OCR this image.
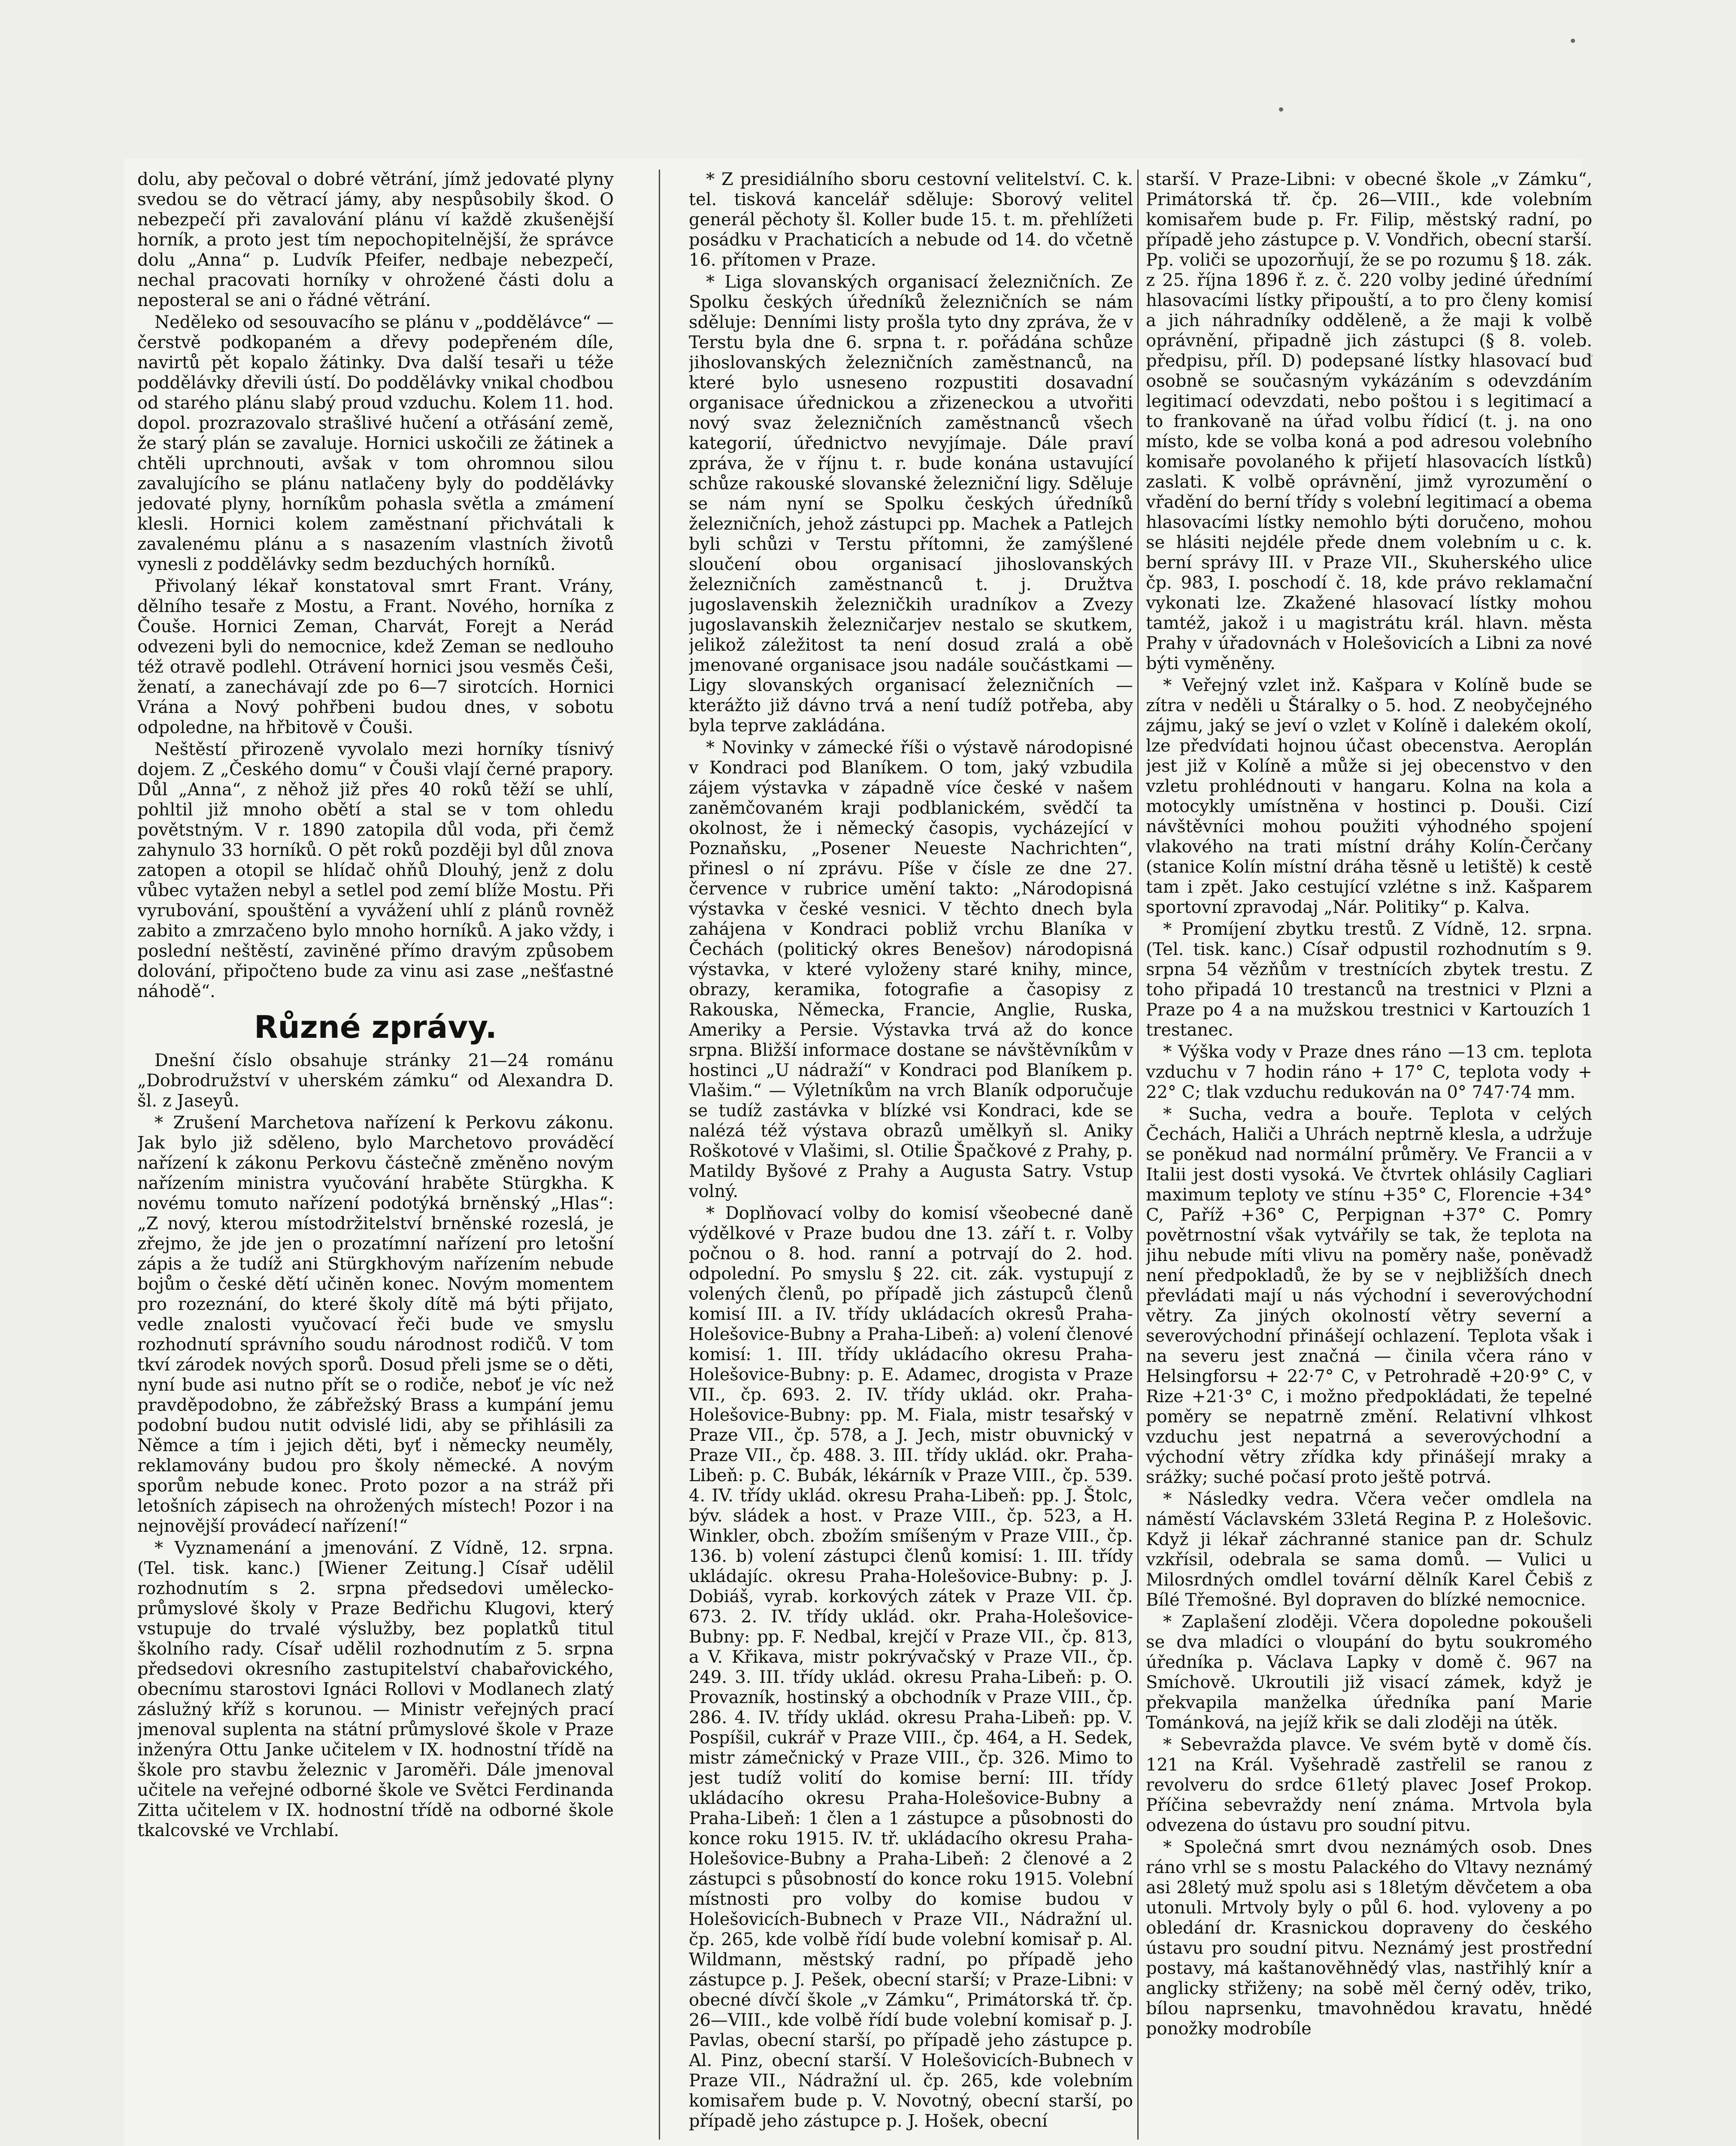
dolu, aby pečoval o dobré větrání, jímž jedovaté plyny svedou se do větrací jámy, aby nespůsobily škod. O nebezpečí při zavalování plánu ví každě zkušenější horník, a proto jest tím nepochopitelnější, že správce dolu „Anna“ p. Ludvík Pfeifer, nedbaje nebezpečí, nechal pracovati horníky v ohrožené části dolu a neposteral se ani o řádné větrání.

Neděleko od sesouvacího se plánu v „poddělávce“ — čerstvě podkopaném a dřevy podepřeném díle, navirtů pět kopalo žátinky. Dva další tesaři u téže poddělávky dřevili ústí. Do poddělávky vnikal chodbou od starého plánu slabý proud vzduchu. Kolem 11. hod. dopol. prozrazovalo strašlivé hučení a otřásání země, že starý plán se zavaluje. Hornici uskočili ze žátinek a chtěli uprchnouti, avšak v tom ohromnou silou zavalujícího se plánu natlačeny byly do poddělávky jedovaté plyny, horníkům pohasla světla a zmámení klesli. Hornici kolem zaměstnaní přichvátali k zavalenému plánu a s nasazením vlastních životů vynesli z poddělávky sedm bezduchých horníků.

Přivolaný lékař konstatoval smrt Frant. Vrány, dělního tesaře z Mostu, a Frant. Nového, horníka z Čouše. Hornici Zeman, Charvát, Forejt a Nerád odvezeni byli do nemocnice, kdež Zeman se nedlouho též otravě podlehl. Otrávení hornici jsou vesměs Češi, ženatí, a zanechávají zde po 6—7 sirotcích. Hornici Vrána a Nový pohřbeni budou dnes, v sobotu odpoledne, na hřbitově v Čouši.

Neštěstí přirozeně vyvolalo mezi horníky tísnivý dojem. Z „Českého domu“ v Čouši vlají černé prapory. Důl „Anna“, z něhož již přes 40 roků těží se uhlí, pohltil již mnoho obětí a stal se v tom ohledu povětstným. V r. 1890 zatopila důl voda, při čemž zahynulo 33 horníků. O pět roků později byl důl znova zatopen a otopil se hlídač ohňů Dlouhý, jenž z dolu vůbec vytažen nebyl a setlel pod zemí blíže Mostu. Při vyrubování, spouštění a vyvážení uhlí z plánů rovněž zabito a zmrzačeno bylo mnoho horníků. A jako vždy, i poslední neštěstí, zaviněné přímo dravým způsobem dolování, připočteno bude za vinu asi zase „nešťastné náhodě“.

Různé zprávy.

Dnešní číslo obsahuje stránky 21—24 románu „Dobrodružství v uherském zámku“ od Alexandra D. šl. z Jaseyů.

* Zrušení Marchetova nařízení k Perkovu zákonu. Jak bylo již sděleno, bylo Marchetovo prováděcí nařízení k zákonu Perkovu částečně změněno novým nařízením ministra vyučování hraběte Stürgkha. K novému tomuto nařízení podotýká brněnský „Hlas“: „Z nový, kterou místodržitelství brněnské rozeslá, je zřejmo, že jde jen o prozatímní nařízení pro letošní zápis a že tudíž ani Stürgkhovým nařízením nebude bojům o české dětí učiněn konec. Novým momentem pro rozeznání, do které školy dítě má býti přijato, vedle znalosti vyučovací řeči bude ve smyslu rozhodnutí správního soudu národnost rodičů. V tom tkví zárodek nových sporů. Dosud přeli jsme se o děti, nyní bude asi nutno přít se o rodiče, neboť je víc než pravděpodobno, že zábřežský Brass a kumpání jemu podobní budou nutit odvislé lidi, aby se přihlásili za Němce a tím i jejich děti, byť i německy neuměly, reklamovány budou pro školy německé. A novým sporům nebude konec. Proto pozor a na stráž při letošních zápisech na ohrožených místech! Pozor i na nejnovější provádecí nařízení!“

* Vyznamenání a jmenování. Z Vídně, 12. srpna. (Tel. tisk. kanc.) [Wiener Zeitung.] Císař udělil rozhodnutím s 2. srpna předsedovi umělecko-průmyslové školy v Praze Bedřichu Klugovi, který vstupuje do trvalé výslužby, bez poplatků titul školního rady. Císař udělil rozhodnutím z 5. srpna předsedovi okresního zastupitelství chabařovického, obecnímu starostovi Ignáci Rollovi v Modlanech zlatý záslužný kříž s korunou. — Ministr veřejných prací jmenoval suplenta na státní průmyslové škole v Praze inženýra Ottu Janke učitelem v IX. hodnostní třídě na škole pro stavbu železnic v Jaroměři. Dále jmenoval učitele na veřejné odborné škole ve Světci Ferdinanda Zitta učitelem v IX. hodnostní třídě na odborné škole tkalcovské ve Vrchlabí.

* Z presidiálního sboru cestovní velitelství. C. k. tel. tisková kancelář sděluje: Sborový velitel generál pěchoty šl. Koller bude 15. t. m. přehlížeti posádku v Prachaticích a nebude od 14. do včetně 16. přítomen v Praze.

* Liga slovanských organisací železničních. Ze Spolku českých úředníků železničních se nám sděluje: Denními listy prošla tyto dny zpráva, že v Terstu byla dne 6. srpna t. r. pořádána schůze jihoslovanských železničních zaměstnanců, na které bylo usneseno rozpustiti dosavadní organisace úřednickou a zřizeneckou a utvořiti nový svaz železničních zaměstnanců všech kategorií, úřednictvo nevyjímaje. Dále praví zpráva, že v říjnu t. r. bude konána ustavující schůze rakouské slovanské železniční ligy. Sděluje se nám nyní se Spolku českých úředníků železničních, jehož zástupci pp. Machek a Patlejch byli schůzi v Terstu přítomni, že zamýšlené sloučení obou organisací jihoslovanských železničních zaměstnanců t. j. Družtva jugoslavenskih železničkih uradníkov a Zvezy jugoslavanskih železničarjev nestalo se skutkem, jelikož záležitost ta není dosud zralá a obě jmenované organisace jsou nadále součástkami — Ligy slovanských organisací železničních — kterážto již dávno trvá a není tudíž potřeba, aby byla teprve zakládána.

* Novinky v zámecké říši o výstavě národopisné v Kondraci pod Blaníkem. O tom, jaký vzbudila zájem výstavka v západně více české v našem zaněmčovaném kraji podblanickém, svědčí ta okolnost, že i německý časopis, vycházející v Poznaňsku, „Posener Neueste Nachrichten“, přinesl o ní zprávu. Píše v čísle ze dne 27. července v rubrice umění takto: „Národopisná výstavka v české vesnici. V těchto dnech byla zahájena v Kondraci pobliž vrchu Blaníka v Čechách (politický okres Benešov) národopisná výstavka, v které vyloženy staré knihy, mince, obrazy, keramika, fotografie a časopisy z Rakouska, Německa, Francie, Anglie, Ruska, Ameriky a Persie. Výstavka trvá až do konce srpna. Bližší informace dostane se návštěvníkům v hostinci „U nádraží“ v Kondraci pod Blaníkem p. Vlašim.“ — Výletníkům na vrch Blaník odporučuje se tudíž zastávka v blízké vsi Kondraci, kde se nalézá též výstava obrazů umělkyň sl. Aniky Roškotové v Vlašimi, sl. Otilie Špačkové z Prahy, p. Matildy Byšové z Prahy a Augusta Satry. Vstup volný.

* Doplňovací volby do komisí všeobecné daně výdělkové v Praze budou dne 13. září t. r. Volby počnou o 8. hod. ranní a potrvají do 2. hod. odpolední. Po smyslu § 22. cit. zák. vystupují z volených členů, po případě jich zástupců členů komisí III. a IV. třídy ukládacích okresů Praha-Holešovice-Bubny a Praha-Libeň: a) volení členové komisí: 1. III. třídy ukládacího okresu Praha-Holešovice-Bubny: p. E. Adamec, drogista v Praze VII., čp. 693. 2. IV. třídy uklád. okr. Praha-Holešovice-Bubny: pp. M. Fiala, mistr tesařský v Praze VII., čp. 578, a J. Jech, mistr obuvnický v Praze VII., čp. 488. 3. III. třídy uklád. okr. Praha-Libeň: p. C. Bubák, lékárník v Praze VIII., čp. 539. 4. IV. třídy uklád. okresu Praha-Libeň: pp. J. Štolc, býv. sládek a host. v Praze VIII., čp. 523, a H. Winkler, obch. zbožím smíšeným v Praze VIII., čp. 136. b) volení zástupci členů komisí: 1. III. třídy ukládajíc. okresu Praha-Holešovice-Bubny: p. J. Dobiáš, vyrab. korkových zátek v Praze VII. čp. 673. 2. IV. třídy uklád. okr. Praha-Holešovice-Bubny: pp. F. Nedbal, krejčí v Praze VII., čp. 813, a V. Křikava, mistr pokrývačský v Praze VII., čp. 249. 3. III. třídy uklád. okresu Praha-Libeň: p. O. Provazník, hostinský a obchodník v Praze VIII., čp. 286. 4. IV. třídy uklád. okresu Praha-Libeň: pp. V. Pospíšil, cukrář v Praze VIII., čp. 464, a H. Sedek, mistr zámečnický v Praze VIII., čp. 326. Mimo to jest tudíž volití do komise berní: III. třídy ukládacího okresu Praha-Holešovice-Bubny a Praha-Libeň: 1 člen a 1 zástupce a působnosti do konce roku 1915. IV. tř. ukládacího okresu Praha-Holešovice-Bubny a Praha-Libeň: 2 členové a 2 zástupci s působností do konce roku 1915. Volební místnosti pro volby do komise budou v Holešovicích-Bubnech v Praze VII., Nádražní ul. čp. 265, kde volbě řídí bude volební komisař p. Al. Wildmann, městský radní, po případě jeho zástupce p. J. Pešek, obecní starší; v Praze-Libni: v obecné dívčí škole „v Zámku“, Primátorská tř. čp. 26—VIII., kde volbě řídí bude volební komisař p. J. Pavlas, obecní starší, po případě jeho zástupce p. Al. Pinz, obecní starší. V Holešovicích-Bubnech v Praze VII., Nádražní ul. čp. 265, kde volebním komisařem bude p. V. Novotný, obecní starší, po případě jeho zástupce p. J. Hošek, obecní

starší. V Praze-Libni: v obecné škole „v Zámku“, Primátorská tř. čp. 26—VIII., kde volebním komisařem bude p. Fr. Filip, městský radní, po případě jeho zástupce p. V. Vondřich, obecní starší. Pp. voliči se upozorňují, že se po rozumu § 18. zák. z 25. října 1896 ř. z. č. 220 volby jediné úřednímí hlasovacími lístky připouští, a to pro členy komisí a jich náhradníky odděleně, a že maji k volbě oprávnění, připadně jich zástupci (§ 8. voleb. předpisu, příl. D) podepsané lístky hlasovací buď osobně se současným vykázáním s odevzdáním legitimací odevzdati, nebo poštou i s legitimací a to frankovaně na úřad volbu řídicí (t. j. na ono místo, kde se volba koná a pod adresou volebního komisaře povolaného k přijetí hlasovacích lístků) zaslati. K volbě oprávnění, jimž vyrozumění o vřadění do berní třídy s volební legitimací a obema hlasovacími lístky nemohlo býti doručeno, mohou se hlásiti nejdéle přede dnem volebním u c. k. berní správy III. v Praze VII., Skuherského ulice čp. 983, I. poschodí č. 18, kde právo reklamační vykonati lze. Zkažené hlasovací lístky mohou tamtéž, jakož i u magistrátu král. hlavn. města Prahy v úřadovnách v Holešovicích a Libni za nové býti vyměněny.

* Veřejný vzlet inž. Kašpara v Kolíně bude se zítra v neděli u Štáralky o 5. hod. Z neobyčejného zájmu, jaký se jeví o vzlet v Kolíně i dalekém okolí, lze předvídati hojnou účast obecenstva. Aeroplán jest již v Kolíně a může si jej obecenstvo v den vzletu prohlédnouti v hangaru. Kolna na kola a motocykly umístněna v hostinci p. Douši. Cizí návštěvníci mohou použiti výhodného spojení vlakového na trati místní dráhy Kolín-Čerčany (stanice Kolín místní dráha těsně u letiště) k cestě tam i zpět. Jako cestující vzlétne s inž. Kašparem sportovní zpravodaj „Nár. Politiky“ p. Kalva.

* Promíjení zbytku trestů. Z Vídně, 12. srpna. (Tel. tisk. kanc.) Císař odpustil rozhodnutím s 9. srpna 54 vězňům v trestnících zbytek trestu. Z toho připadá 10 trestanců na trestnici v Plzni a Praze po 4 a na mužskou trestnici v Kartouzích 1 trestanec.

* Výška vody v Praze dnes ráno —13 cm. teplota vzduchu v 7 hodin ráno + 17° C, teplota vody + 22° C; tlak vzduchu redukován na 0° 747·74 mm.

* Sucha, vedra a bouře. Teplota v celých Čechách, Haliči a Uhrách neptrně klesla, a udržuje se poněkud nad normální průměry. Ve Francii a v Italii jest dosti vysoká. Ve čtvrtek ohlásily Cagliari maximum teploty ve stínu +35° C, Florencie +34° C, Paříž +36° C, Perpignan +37° C. Pomry povětrnostní však vytvářily se tak, že teplota na jihu nebude míti vlivu na poměry naše, poněvadž není předpokladů, že by se v nejbližších dnech převládati mají u nás východní i severovýchodní větry. Za jiných okolností větry severní a severovýchodní přinášejí ochlazení. Teplota však i na severu jest značná — činila včera ráno v Helsingforsu + 22·7° C, v Petrohradě +20·9° C, v Rize +21·3° C, i možno předpokládati, že tepelné poměry se nepatrně změní. Relativní vlhkost vzduchu jest nepatrná a severovýchodní a východní větry zřídka kdy přinášejí mraky a srážky; suché počasí proto ještě potrvá.

* Následky vedra. Včera večer omdlela na náměstí Václavském 33letá Regina P. z Holešovic. Když ji lékař záchranné stanice pan dr. Schulz vzkřísil, odebrala se sama domů. — Vulici u Milosrdných omdlel tovární dělník Karel Čebiš z Bílé Třemošné. Byl dopraven do blízké nemocnice.

* Zaplašení zloději. Včera dopoledne pokoušeli se dva mladíci o vloupání do bytu soukromého úředníka p. Václava Lapky v domě č. 967 na Smíchově. Ukroutili již visací zámek, když je překvapila manželka úředníka paní Marie Tománková, na jejíž křik se dali zloději na útěk.

* Sebevražda plavce. Ve svém bytě v domě čís. 121 na Král. Vyšehradě zastřelil se ranou z revolveru do srdce 61letý plavec Josef Prokop. Příčina sebevraždy není známa. Mrtvola byla odvezena do ústavu pro soudní pitvu.

* Společná smrt dvou neznámých osob. Dnes ráno vrhl se s mostu Palackého do Vltavy neznámý asi 28letý muž spolu asi s 18letým děvčetem a oba utonuli. Mrtvoly byly o půl 6. hod. vyloveny a po obledání dr. Krasnickou dopraveny do českého ústavu pro soudní pitvu. Neznámý jest prostřední postavy, má kaštanověhnědý vlas, nastřihlý knír a anglicky střiženy; na sobě měl černý oděv, triko, bílou naprsenku, tmavohnědou kravatu, hnědé ponožky modrobíle
